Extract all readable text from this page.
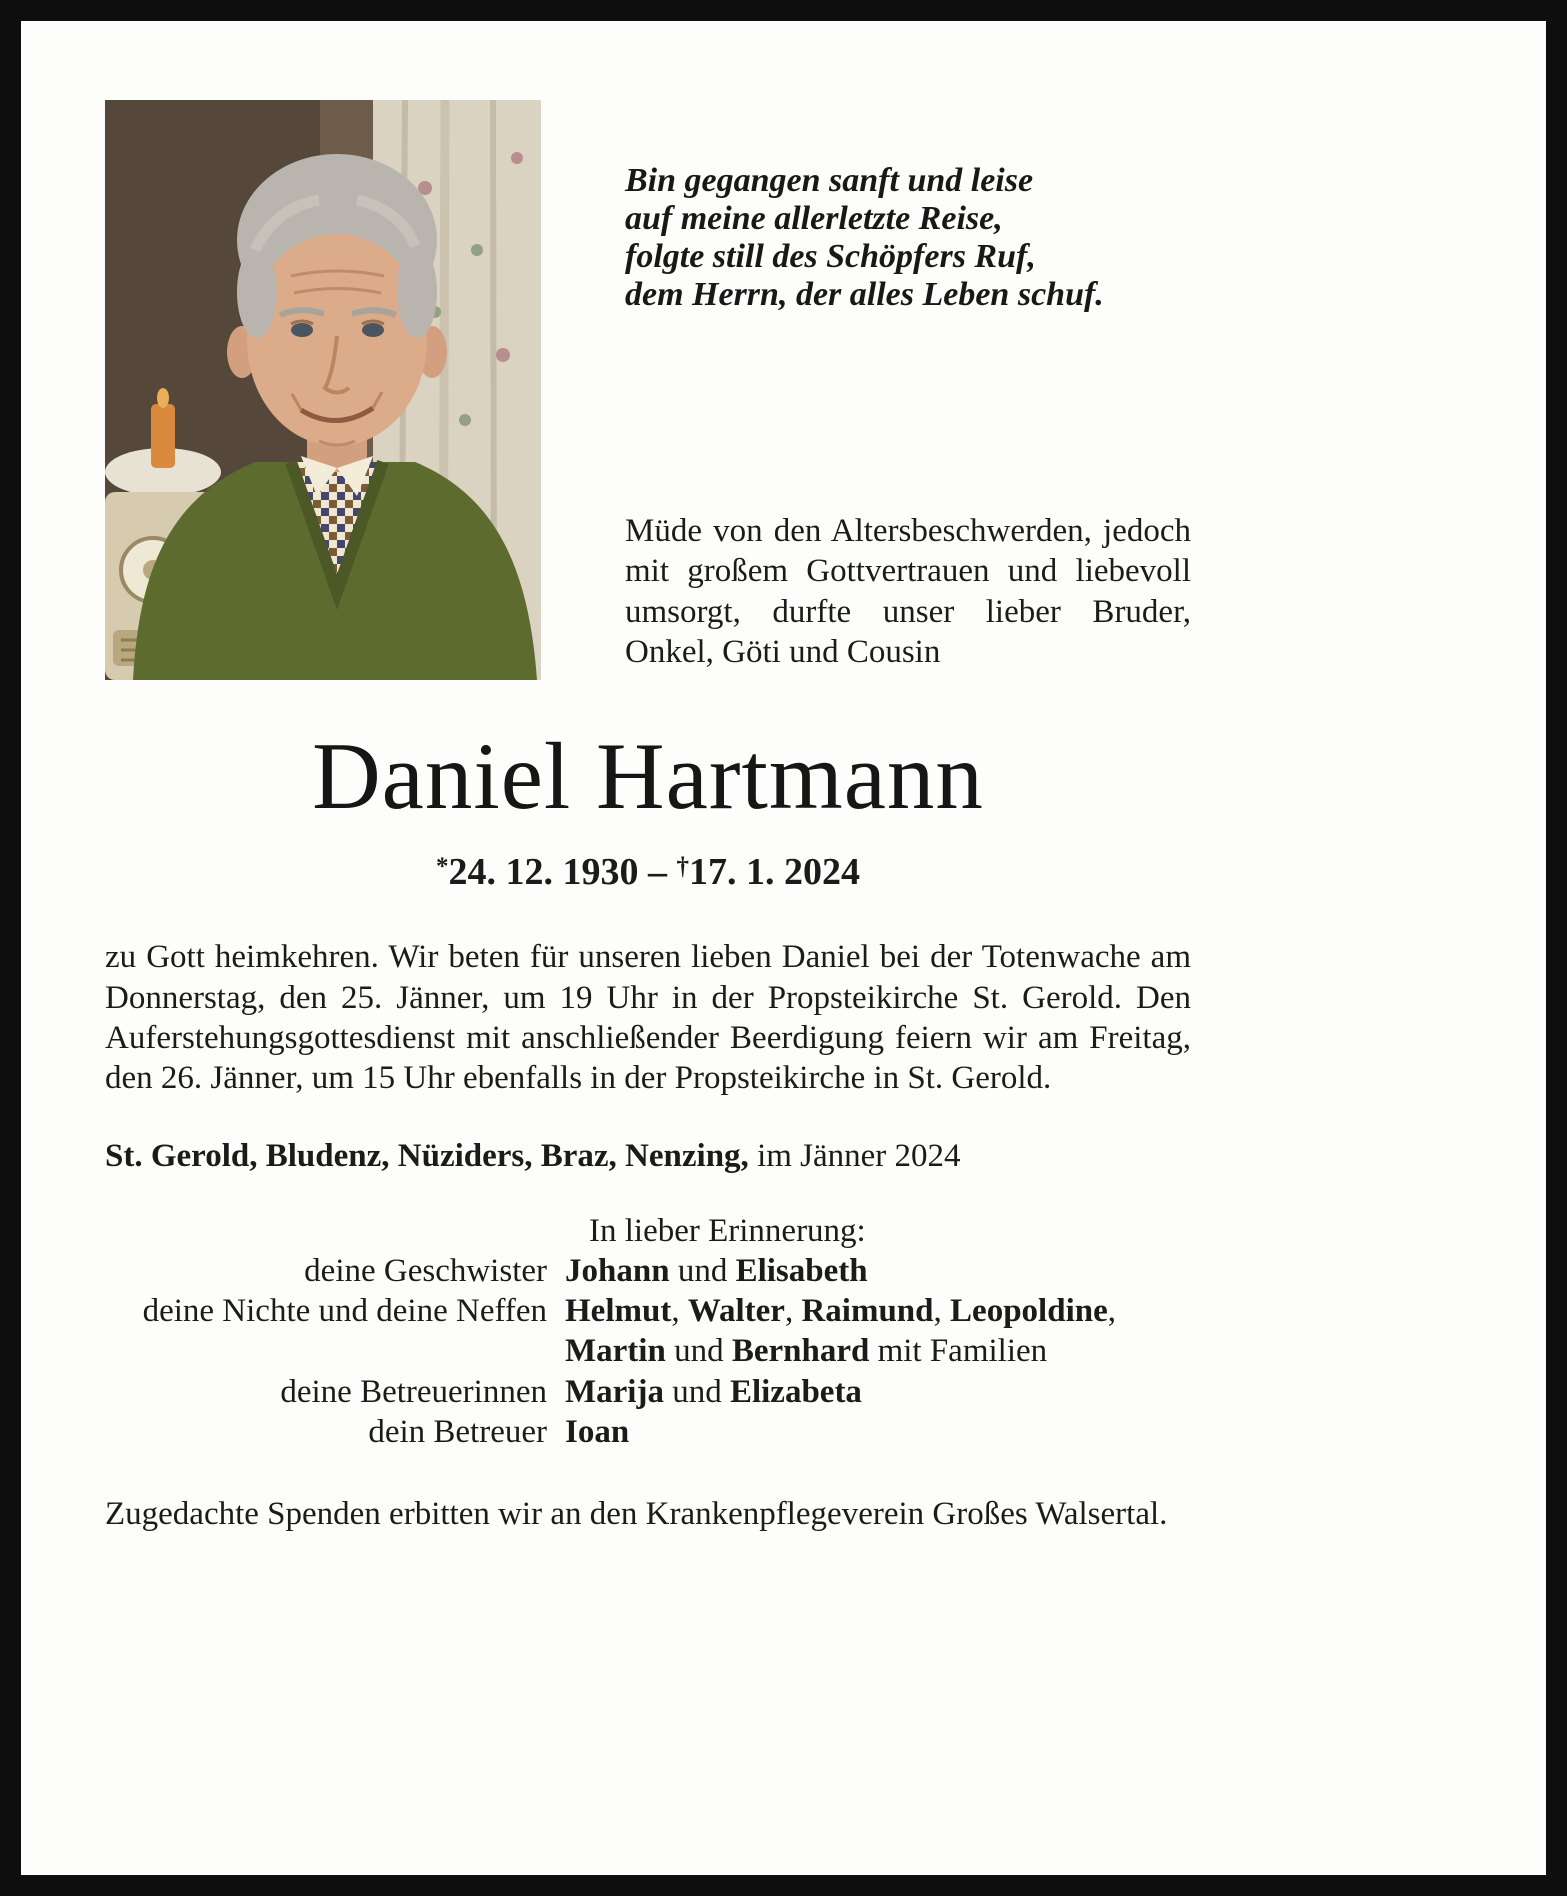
Bin gegangen sanft und leise
auf meine allerletzte Reise,
folgte still des Schöpfers Ruf,
dem Herrn, der alles Leben schuf.
Müde von den Altersbeschwerden, jedoch mit großem Gottvertrauen und liebevoll umsorgt, durfte unser lieber Bruder, Onkel, Göti und Cousin
Daniel Hartmann
*24. 12. 1930 – †17. 1. 2024
zu Gott heimkehren. Wir beten für unseren lieben Daniel bei der Totenwache am Donnerstag, den 25. Jänner, um 19 Uhr in der Propsteikirche St. Gerold. Den Auferstehungsgottesdienst mit anschließender Beerdigung feiern wir am Freitag, den 26. Jänner, um 15 Uhr ebenfalls in der Propsteikirche in St. Gerold.
St. Gerold, Bludenz, Nüziders, Braz, Nenzing, im Jänner 2024
In lieber Erinnerung:
deine Geschwister Johann und Elisabeth
deine Nichte und deine Neffen Helmut, Walter, Raimund, Leopoldine, Martin und Bernhard mit Familien
deine Betreuerinnen Marija und Elizabeta
dein Betreuer Ioan
Zugedachte Spenden erbitten wir an den Krankenpflegeverein Großes Walsertal.
